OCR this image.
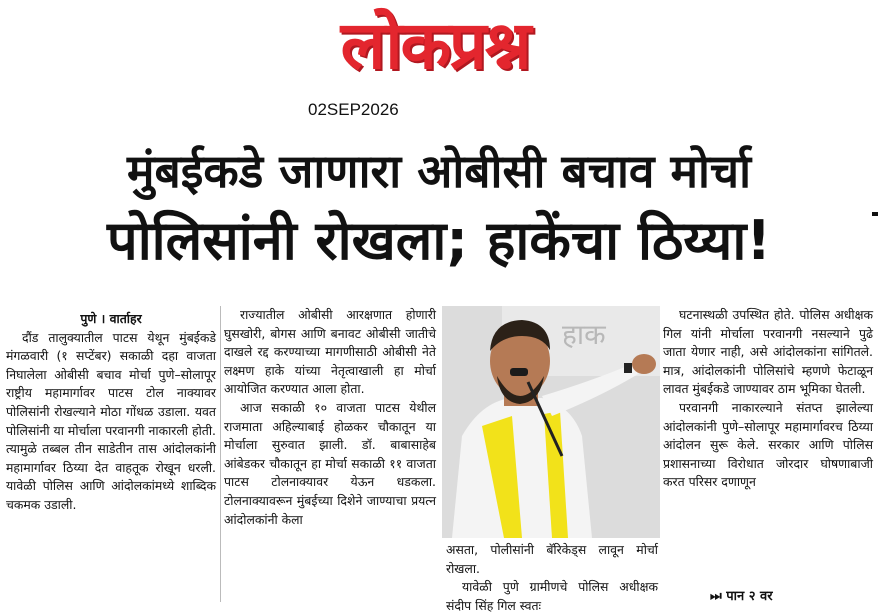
लोकप्रश्न
02SEP2026
मुंबईकडे जाणारा ओबीसी बचाव मोर्चा
पोलिसांनी रोखला; हाकेंचा ठिय्या!

पुणे । वार्ताहर

दौंड तालुक्यातील पाटस येथून मुंबईकडे मंगळवारी (१ सप्टेंबर) सकाळी दहा वाजता निघालेला ओबीसी बचाव मोर्चा पुणे–सोलापूर राष्ट्रीय महामार्गावर पाटस टोल नाक्यावर पोलिसांनी रोखल्याने मोठा गोंधळ उडाला. यवत पोलिसांनी या मोर्चाला परवानगी नाकारली होती. त्यामुळे तब्बल तीन साडेतीन तास आंदोलकांनी महामार्गावर ठिय्या देत वाहतूक रोखून धरली. यावेळी पोलिस आणि आंदोलकांमध्ये शाब्दिक चकमक उडाली.

राज्यातील ओबीसी आरक्षणात होणारी घुसखोरी, बोगस आणि बनावट ओबीसी जातीचे दाखले रद्द करण्याच्या मागणीसाठी ओबीसी नेते लक्ष्मण हाके यांच्या नेतृत्वाखाली हा मोर्चा आयोजित करण्यात आला होता.

आज सकाळी १० वाजता पाटस येथील राजमाता अहिल्याबाई होळकर चौकातून या मोर्चाला सुरुवात झाली. डॉ. बाबासाहेब आंबेडकर चौकातून हा मोर्चा सकाळी ११ वाजता पाटस टोलनाक्यावर येऊन धडकला. टोलनाक्यावरून मुंबईच्या दिशेने जाण्याचा प्रयत्न आंदोलकांनी केला

हाक

असता, पोलीसांनी बॅरिकेड्स लावून मोर्चा रोखला.

यावेळी पुणे ग्रामीणचे पोलिस अधीक्षक संदीप सिंह गिल स्वतः

घटनास्थळी उपस्थित होते. पोलिस अधीक्षक गिल यांनी मोर्चाला परवानगी नसल्याने पुढे जाता येणार नाही, असे आंदोलकांना सांगितले. मात्र, आंदोलकांनी पोलिसांचे म्हणणे फेटाळून लावत मुंबईकडे जाण्यावर ठाम भूमिका घेतली.

परवानगी नाकारल्याने संतप्त झालेल्या आंदोलकांनी पुणे–सोलापूर महामार्गावरच ठिय्या आंदोलन सुरू केले. सरकार आणि पोलिस प्रशासनाच्या विरोधात जोरदार घोषणाबाजी करत परिसर दणाणून

⏭ पान २ वर
